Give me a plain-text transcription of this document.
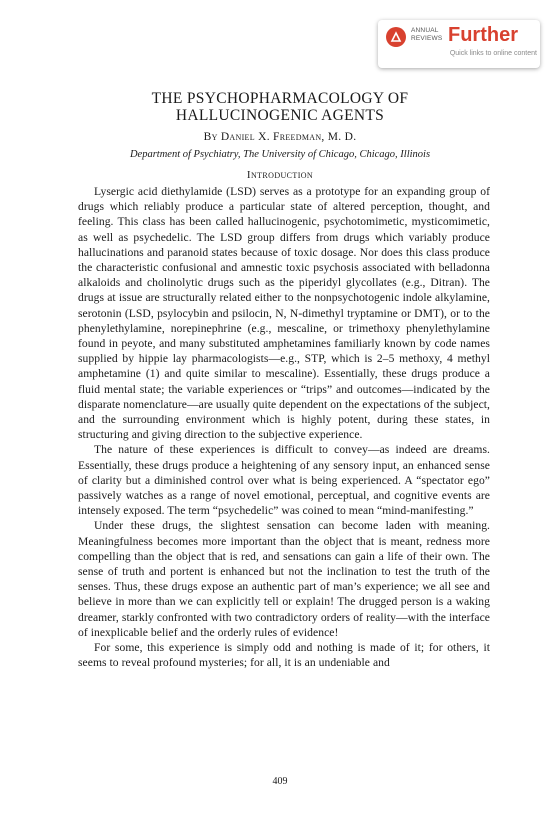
ANNUAL
REVIEWS Further
Quick links to online content
THE PSYCHOPHARMACOLOGY OF
HALLUCINOGENIC AGENTS
By Daniel X. Freedman, M. D.
Department of Psychiatry, The University of Chicago, Chicago, Illinois
Introduction

Lysergic acid diethylamide (LSD) serves as a prototype for an expanding group of drugs which reliably produce a particular state of altered perception, thought, and feeling. This class has been called hallucinogenic, psychotomimetic, mysticomimetic, as well as psychedelic. The LSD group differs from drugs which variably produce hallucinations and paranoid states because of toxic dosage. Nor does this class produce the characteristic confusional and amnestic toxic psychosis associated with belladonna alkaloids and cholinolytic drugs such as the piperidyl glycollates (e.g., Ditran). The drugs at issue are structurally related either to the nonpsychotogenic indole alkylamine, serotonin (LSD, psylocybin and psilocin, N, N-dimethyl tryptamine or DMT), or to the phenylethylamine, norepinephrine (e.g., mescaline, or trimethoxy phenylethylamine found in peyote, and many substituted amphetamines familiarly known by code names supplied by hippie lay pharmacologists—e.g., STP, which is 2–5 methoxy, 4 methyl amphetamine (1) and quite similar to mescaline). Essentially, these drugs produce a fluid mental state; the variable experiences or “trips” and outcomes—indicated by the disparate nomenclature—are usually quite dependent on the expectations of the subject, and the surrounding environment which is highly potent, during these states, in structuring and giving direction to the subjective experience.

The nature of these experiences is difficult to convey—as indeed are dreams. Essentially, these drugs produce a heightening of any sensory input, an enhanced sense of clarity but a diminished control over what is being experienced. A “spectator ego” passively watches as a range of novel emotional, perceptual, and cognitive events are intensely exposed. The term “psychedelic” was coined to mean “mind-manifesting.”

Under these drugs, the slightest sensation can become laden with meaning. Meaningfulness becomes more important than the object that is meant, redness more compelling than the object that is red, and sensations can gain a life of their own. The sense of truth and portent is enhanced but not the inclination to test the truth of the senses. Thus, these drugs expose an authentic part of man’s experience; we all see and believe in more than we can explicitly tell or explain! The drugged person is a waking dreamer, starkly confronted with two contradictory orders of reality—with the interface of inexplicable belief and the orderly rules of evidence!

For some, this experience is simply odd and nothing is made of it; for others, it seems to reveal profound mysteries; for all, it is an undeniable and

409
